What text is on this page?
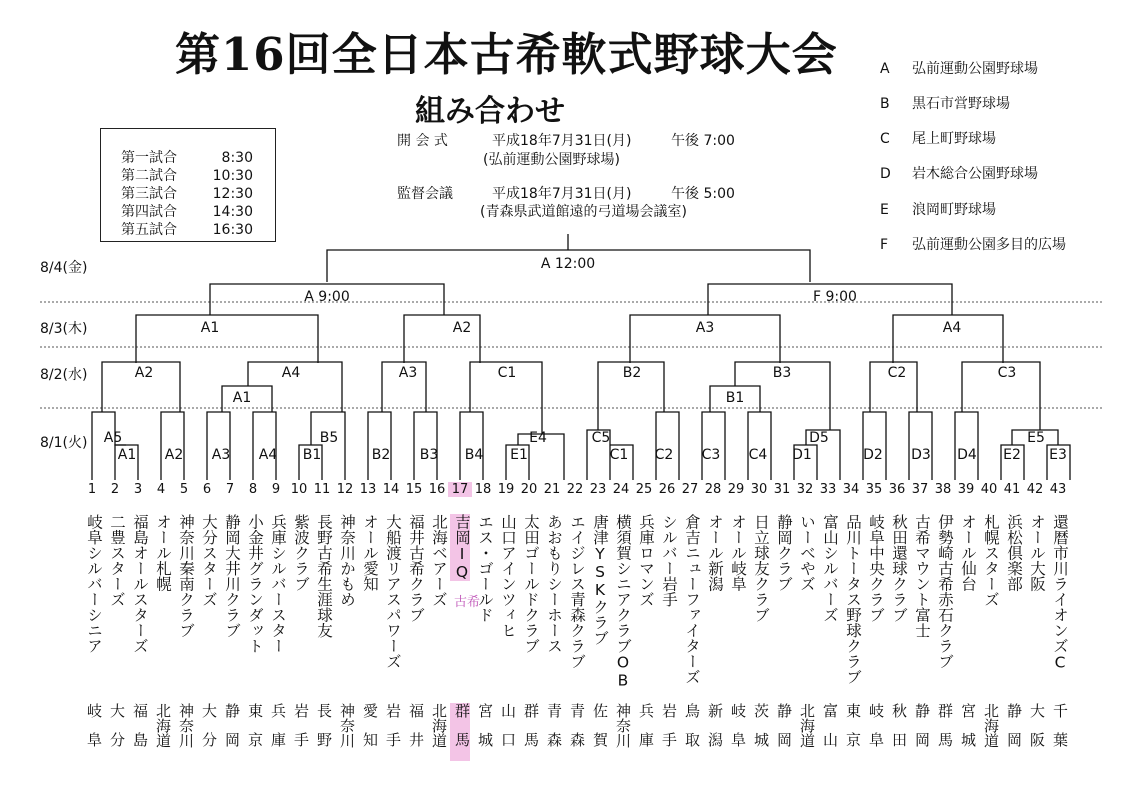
第16回全日本古希軟式野球大会
組み合わせ
開 会 式	平成18年7月31日(月)	午後 7:00
(弘前運動公園野球場)
監督会議	平成18年7月31日(月)	午後 5:00
(青森県武道館遠的弓道場会議室)
A 弘前運動公園野球場
B 黒石市営野球場
C 尾上町野球場
D 岩木総合公園野球場
E 浪岡町野球場
F 弘前運動公園多目的広場
第一試合	8:30
第二試合	10:30
第三試合	12:30
第四試合	14:30
第五試合	16:30
8/4(金)
8/3(木)
8/2(水)
8/1(火)
A 12:00
A 9:00	F 9:00
A1	A2	A3	A4
A2	A4	A3	C1	B2	B3	C2	C3
A1	B1
A5
A1 A2 A3 A4 B1
B5
B2 B3 B4 E1
E4	C5
C1 C2 C3 C4 D1
D5
D2 D3 D4 E2
E5
E3
1
岐阜シルバーシニア
岐阜
2
二豊スターズ
大分
3
福島オールスターズ
福島
4
オール札幌
北海道
5
神奈川秦南クラブ
神奈川
6
大分スターズ
大分
7
静岡大井川クラブ
静岡
8
小金井グランダット
東京
9
兵庫シルバースター
兵庫
10
紫波クラブ
岩手
11
長野古希生涯球友
長野
12
神奈川かもめ
神奈川
13
オール愛知
愛知
14
大船渡リアスパワーズ
岩手
15
福井古希クラブ
福井
16
北海ベアーズ
北海道
17
吉岡IQ
群馬
18
エス・ゴールド
宮城
19
山口アインツィヒ
山口
20
太田ゴールドクラブ
群馬
21
あおもりシーホース
青森
22
エイジレス青森クラブ
青森
23
唐津YSKクラブ
佐賀
24
横須賀シニアクラブOB
神奈川
25
兵庫ロマンズ
兵庫
26
シルバー岩手
岩手
27
倉吉ニューファイターズ
鳥取
28
オール新潟
新潟
29
オール岐阜
岐阜
30
日立球友クラブ
茨城
31
静岡クラブ
静岡
32
いーべやズ
北海道
33
富山シルバーズ
富山
34
品川トータス野球クラブ
東京
35
岐阜中央クラブ
岐阜
36
秋田還球クラブ
秋田
37
古希マウント富士
静岡
38
伊勢崎古希赤石クラブ
群馬
39
オール仙台
宮城
40
札幌スターズ
北海道
41
浜松倶楽部
静岡
42
オール大阪
大阪
43
還暦市川ライオンズC
千葉
古希
